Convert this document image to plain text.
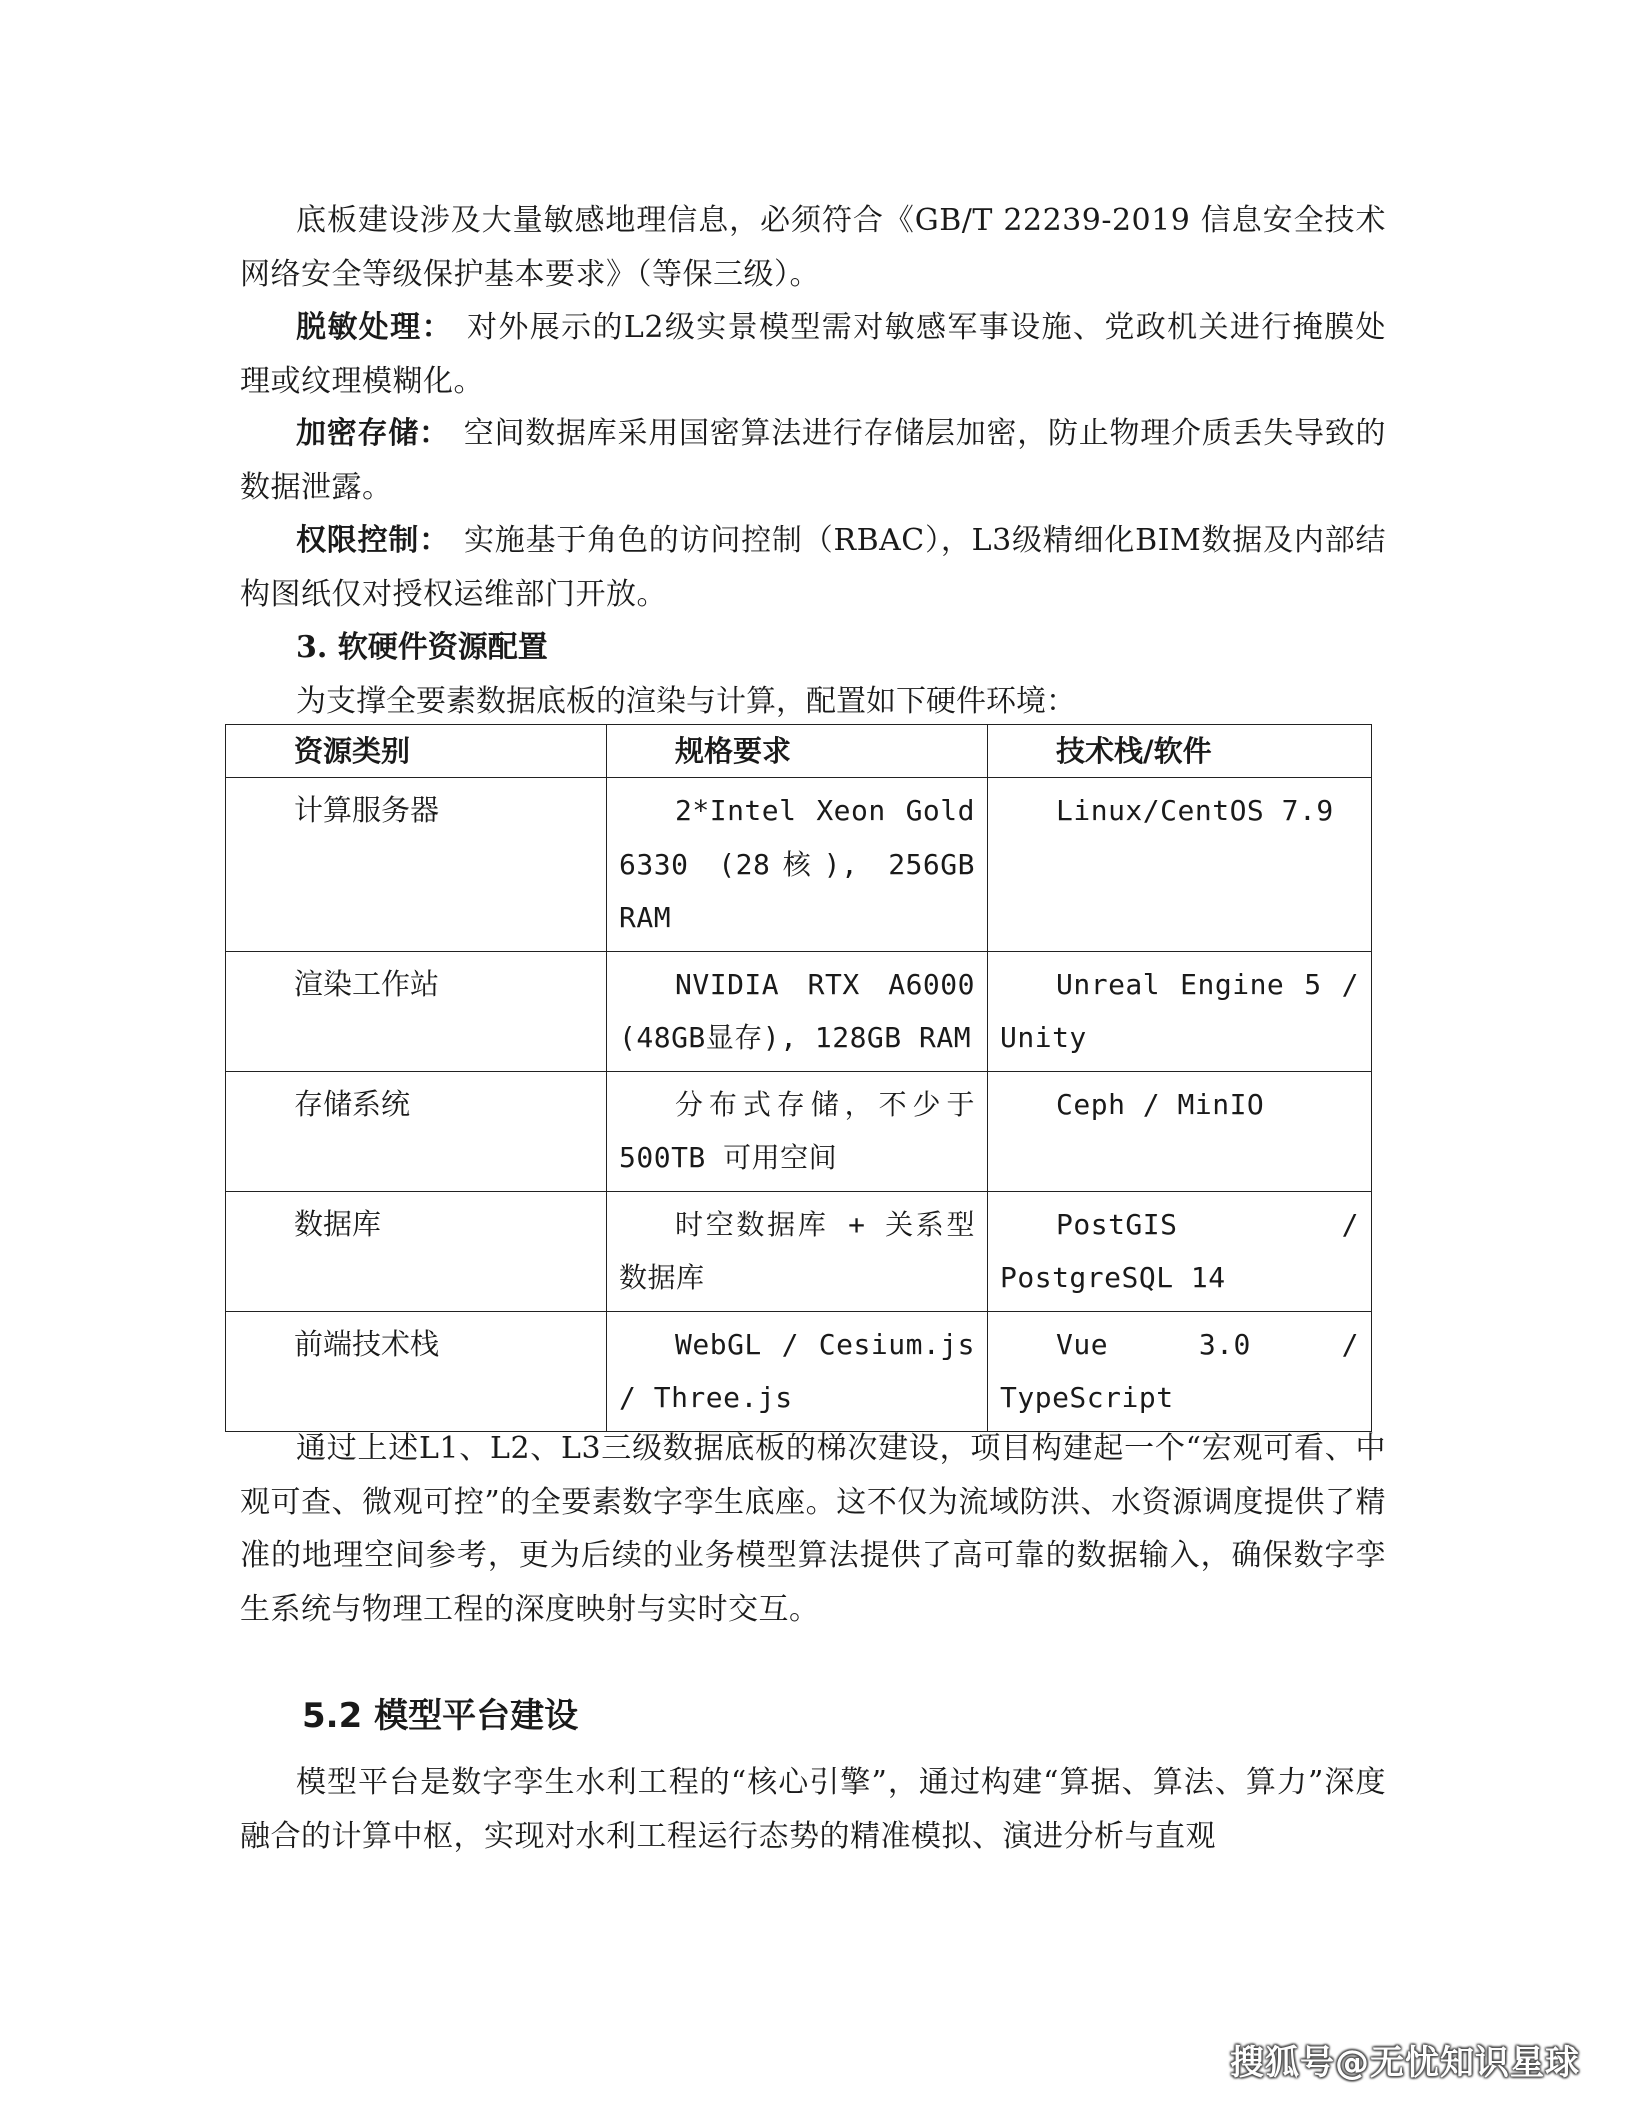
底板建设涉及大量敏感地理信息，必须符合《GB/T 22239-2019 信息安全技术网络安全等级保护基本要求》（等保三级）。

脱敏处理： 对外展示的L2级实景模型需对敏感军事设施、党政机关进行掩膜处理或纹理模糊化。

加密存储： 空间数据库采用国密算法进行存储层加密，防止物理介质丢失导致的数据泄露。

权限控制： 实施基于角色的访问控制（RBAC），L3级精细化BIM数据及内部结构图纸仅对授权运维部门开放。

3. 软硬件资源配置

为支撑全要素数据底板的渲染与计算，配置如下硬件环境：

资源类别	规格要求	技术栈/软件
计算服务器	2*Intel Xeon Gold 6330 (28核), 256GB RAM	Linux/CentOS 7.9
渲染工作站	NVIDIA RTX A6000 (48GB显存), 128GB RAM	Unreal Engine 5 / Unity
存储系统	分布式存储，不少于500TB 可用空间	Ceph / MinIO
数据库	时空数据库 + 关系型数据库	PostGIS / PostgreSQL 14
前端技术栈	WebGL / Cesium.js / Three.js	Vue 3.0 / TypeScript

通过上述L1、L2、L3三级数据底板的梯次建设，项目构建起一个“宏观可看、中观可查、微观可控”的全要素数字孪生底座。这不仅为流域防洪、水资源调度提供了精准的地理空间参考，更为后续的业务模型算法提供了高可靠的数据输入，确保数字孪生系统与物理工程的深度映射与实时交互。

5.2 模型平台建设

模型平台是数字孪生水利工程的“核心引擎”，通过构建“算据、算法、算力”深度融合的计算中枢，实现对水利工程运行态势的精准模拟、演进分析与直观

搜狐号@无忧知识星球
